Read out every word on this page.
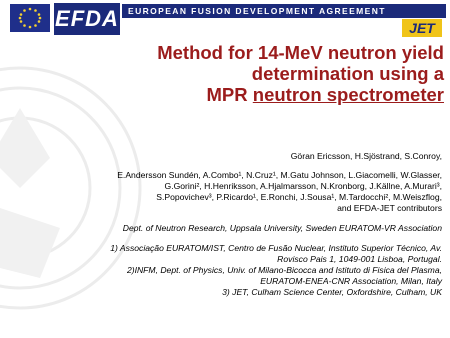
EFDA	EUROPEAN FUSION DEVELOPMENT AGREEMENT
JET
Method for 14-MeV neutron yield
determination using a
MPR neutron spectrometer
Göran Ericsson, H.Sjöstrand, S.Conroy,
E.Andersson Sundén, A.Combo¹, N.Cruz¹, M.Gatu Johnson, L.Giacomelli, W.Glasser,
G.Gorini², H.Henriksson, A.Hjalmarsson, N.Kronborg, J.Källne, A.Murari³,
S.Popovichev³, P.Ricardo¹, E.Ronchi, J.Sousa¹, M.Tardocchi², M.Weiszflog,
and EFDA-JET contributors
Dept. of Neutron Research, Uppsala University, Sweden EURATOM-VR Association
1) Associação EURATOM/IST, Centro de Fusão Nuclear, Instituto Superior Técnico, Av.
Rovisco Pais 1, 1049-001 Lisboa, Portugal.
2)INFM, Dept. of Physics, Univ. of Milano-Bicocca and Istituto di Fisica del Plasma,
EURATOM-ENEA-CNR Association, Milan, Italy
3) JET, Culham Science Center, Oxfordshire, Culham, UK
